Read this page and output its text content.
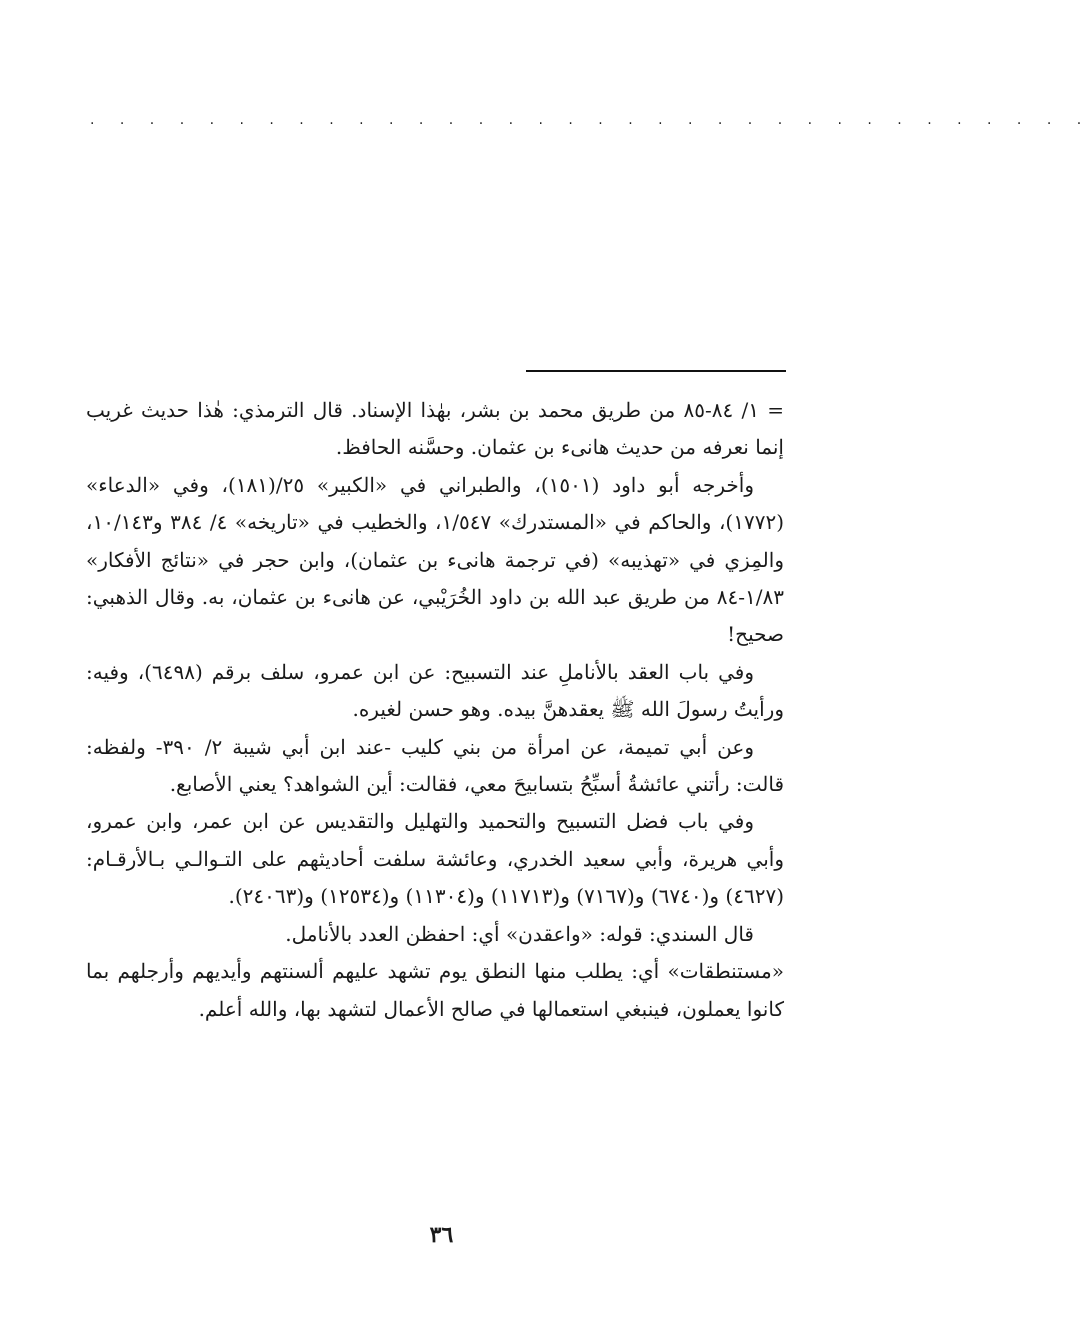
. . . . . . . . . . . . . . . . . . . . . . . . . . . . . . . . . .

= ١/ ٨٤-٨٥ من طريق محمد بن بشر، بهٰذا الإسناد. قال الترمذي: هٰذا حديث غريب إنما نعرفه من حديث هانىء بن عثمان. وحسَّنه الحافظ.

وأخرجه أبو داود (١٥٠١)، والطبراني في «الكبير» ٢٥/(١٨١)، وفي «الدعاء» (١٧٧٢)، والحاكم في «المستدرك» ١/٥٤٧، والخطيب في «تاريخه» ٤/ ٣٨٤ و١٠/١٤٣، والمِزي في «تهذيبه» (في ترجمة هانىء بن عثمان)، وابن حجر في «نتائج الأفكار» ١/٨٣-٨٤ من طريق عبد الله بن داود الخُرَيْبي، عن هانىء بن عثمان، به. وقال الذهبي: صحيح!

وفي باب العقد بالأناملِ عند التسبيح: عن ابن عمرو، سلف برقم (٦٤٩٨)، وفيه: ورأيتُ رسولَ الله ﷺ يعقدهنَّ بيده. وهو حسن لغيره.

وعن أبي تميمة، عن امرأة من بني كليب -عند ابن أبي شيبة ٢/ ٣٩٠- ولفظه: قالت: رأتني عائشةُ أسبِّحُ بتسابيحَ معي، فقالت: أين الشواهد؟ يعني الأصابع.

وفي باب فضل التسبيح والتحميد والتهليل والتقديس عن ابن عمر، وابن عمرو، وأبي هريرة، وأبي سعيد الخدري، وعائشة سلفت أحاديثهم على التـوالـي بـالأرقـام: (٤٦٢٧) و(٦٧٤٠) و(٧١٦٧) و(١١٧١٣) و(١١٣٠٤) و(١٢٥٣٤) و(٢٤٠٦٣).

قال السندي: قوله: «واعقدن» أي: احفظن العدد بالأنامل.

«مستنطقات» أي: يطلب منها النطق يوم تشهد عليهم ألسنتهم وأيديهم وأرجلهم بما كانوا يعملون، فينبغي استعمالها في صالح الأعمال لتشهد بها، والله أعلم.

٣٦
